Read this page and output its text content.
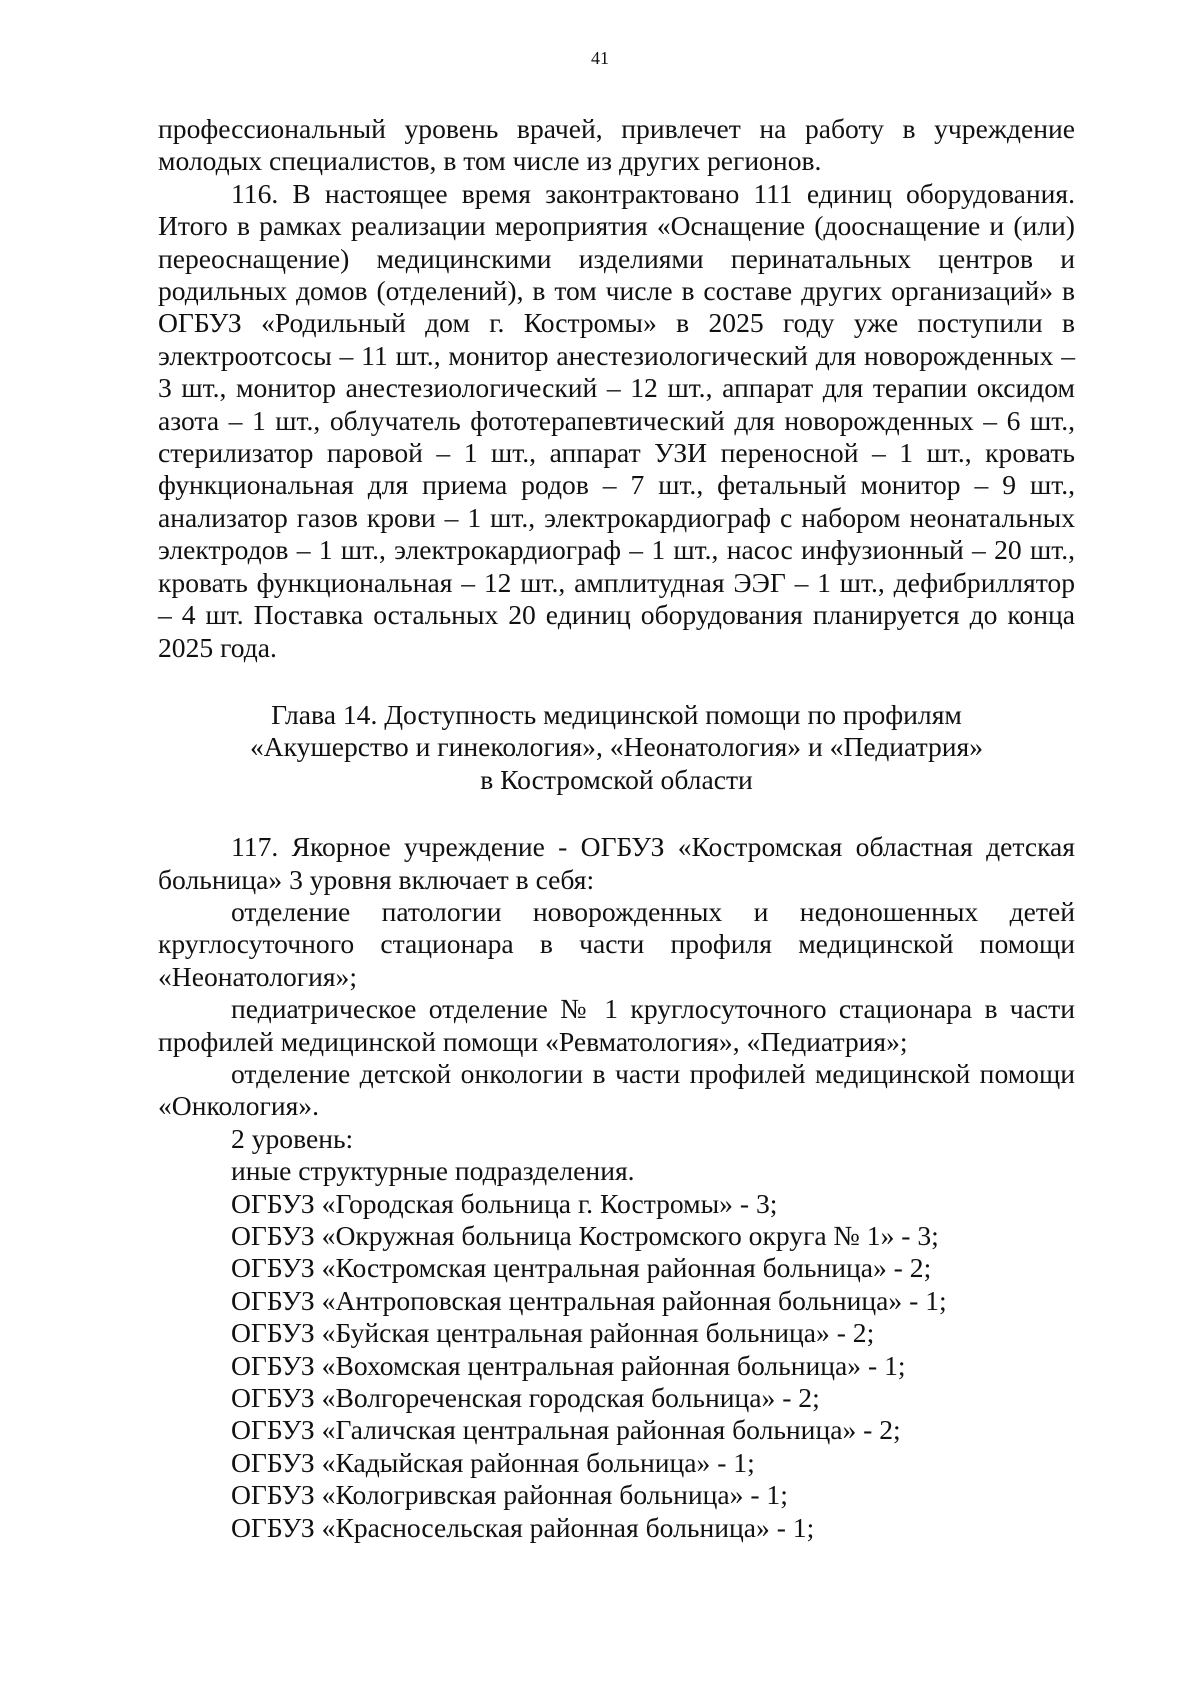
41

профессиональный уровень врачей, привлечет на работу в учреждение молодых специалистов, в том числе из других регионов.

116. В настоящее время законтрактовано 111 единиц оборудования. Итого в рамках реализации мероприятия «Оснащение (дооснащение и (или) переоснащение) медицинскими изделиями перинатальных центров и родильных домов (отделений), в том числе в составе других организаций» в ОГБУЗ «Родильный дом г. Костромы» в 2025 году уже поступили в электроотсосы – 11 шт., монитор анестезиологический для новорожденных – 3 шт., монитор анестезиологический – 12 шт., аппарат для терапии оксидом азота – 1 шт., облучатель фототерапевтический для новорожденных – 6 шт., стерилизатор паровой – 1 шт., аппарат УЗИ переносной – 1 шт., кровать функциональная для приема родов – 7 шт., фетальный монитор – 9 шт., анализатор газов крови – 1 шт., электрокардиограф с набором неонатальных электродов – 1 шт., электрокардиограф – 1 шт., насос инфузионный – 20 шт., кровать функциональная – 12 шт., амплитудная ЭЭГ – 1 шт., дефибриллятор – 4 шт. Поставка остальных 20 единиц оборудования планируется до конца 2025 года.

Глава 14. Доступность медицинской помощи по профилям
«Акушерство и гинекология», «Неонатология» и «Педиатрия»
в Костромской области

117. Якорное учреждение - ОГБУЗ «Костромская областная детская больница» 3 уровня включает в себя:

отделение патологии новорожденных и недоношенных детей круглосуточного стационара в части профиля медицинской помощи «Неонатология»;

педиатрическое отделение № 1 круглосуточного стационара в части профилей медицинской помощи «Ревматология», «Педиатрия»;

отделение детской онкологии в части профилей медицинской помощи «Онкология».

2 уровень:

иные структурные подразделения.

ОГБУЗ «Городская больница г. Костромы» - 3;

ОГБУЗ «Окружная больница Костромского округа № 1» - 3;

ОГБУЗ «Костромская центральная районная больница» - 2;

ОГБУЗ «Антроповская центральная районная больница» - 1;

ОГБУЗ «Буйская центральная районная больница» - 2;

ОГБУЗ «Вохомская центральная районная больница» - 1;

ОГБУЗ «Волгореченская городская больница» - 2;

ОГБУЗ «Галичская центральная районная больница» - 2;

ОГБУЗ «Кадыйская районная больница» - 1;

ОГБУЗ «Кологривская районная больница» - 1;

ОГБУЗ «Красносельская районная больница» - 1;
